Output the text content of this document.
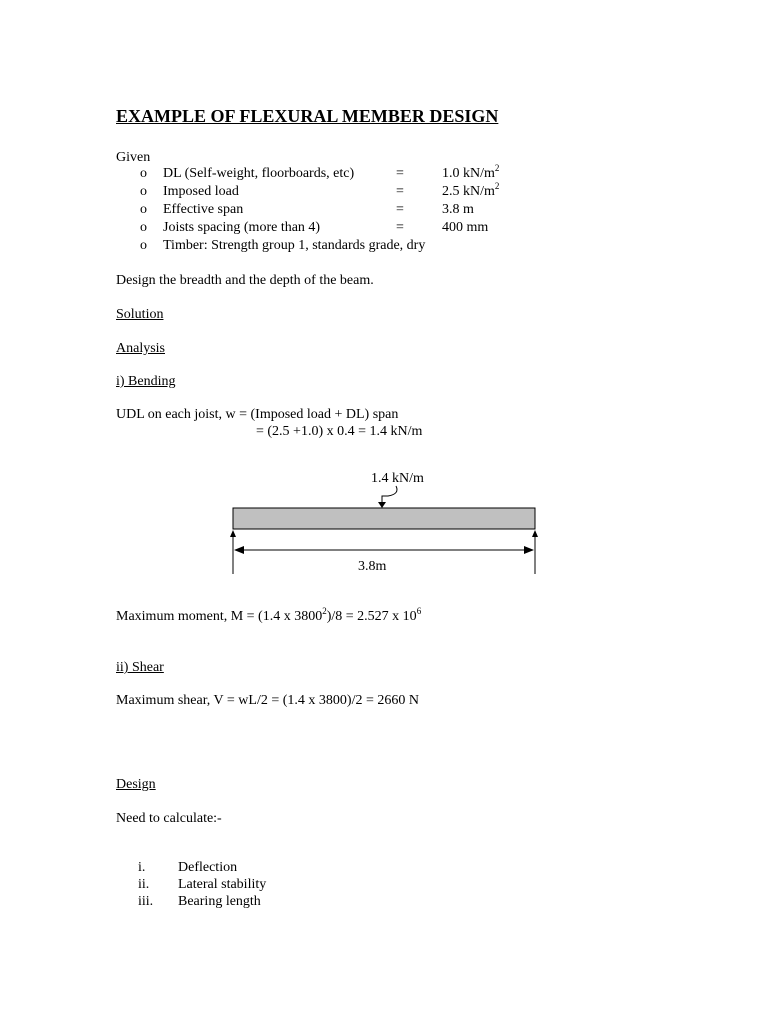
EXAMPLE OF FLEXURAL MEMBER DESIGN
Given
o DL (Self-weight, floorboards, etc)	=	1.0 $kN/m^2$
o Imposed load	=	2.5 $kN/m^2$
o Effective span	=	3.8 m
o Joists spacing (more than 4)	=	400 mm
o Timber: Strength group 1, standards grade, dry
Design the breadth and the depth of the beam.
Solution
Analysis
i) Bending
UDL on each joist, w = (Imposed load + DL) span
= (2.5 +1.0) x 0.4 = 1.4 kN/m
1.4 kN/m
3.8m
Maximum moment, M = (1.4 x $3800^2)/8 = 2.527$ x $10^6$
ii) Shear
Maximum shear, V = wL/2 = (1.4 x 3800)/2 = 2660 N
Design
Need to calculate:-
i. Deflection
ii. Lateral stability
iii. Bearing length
